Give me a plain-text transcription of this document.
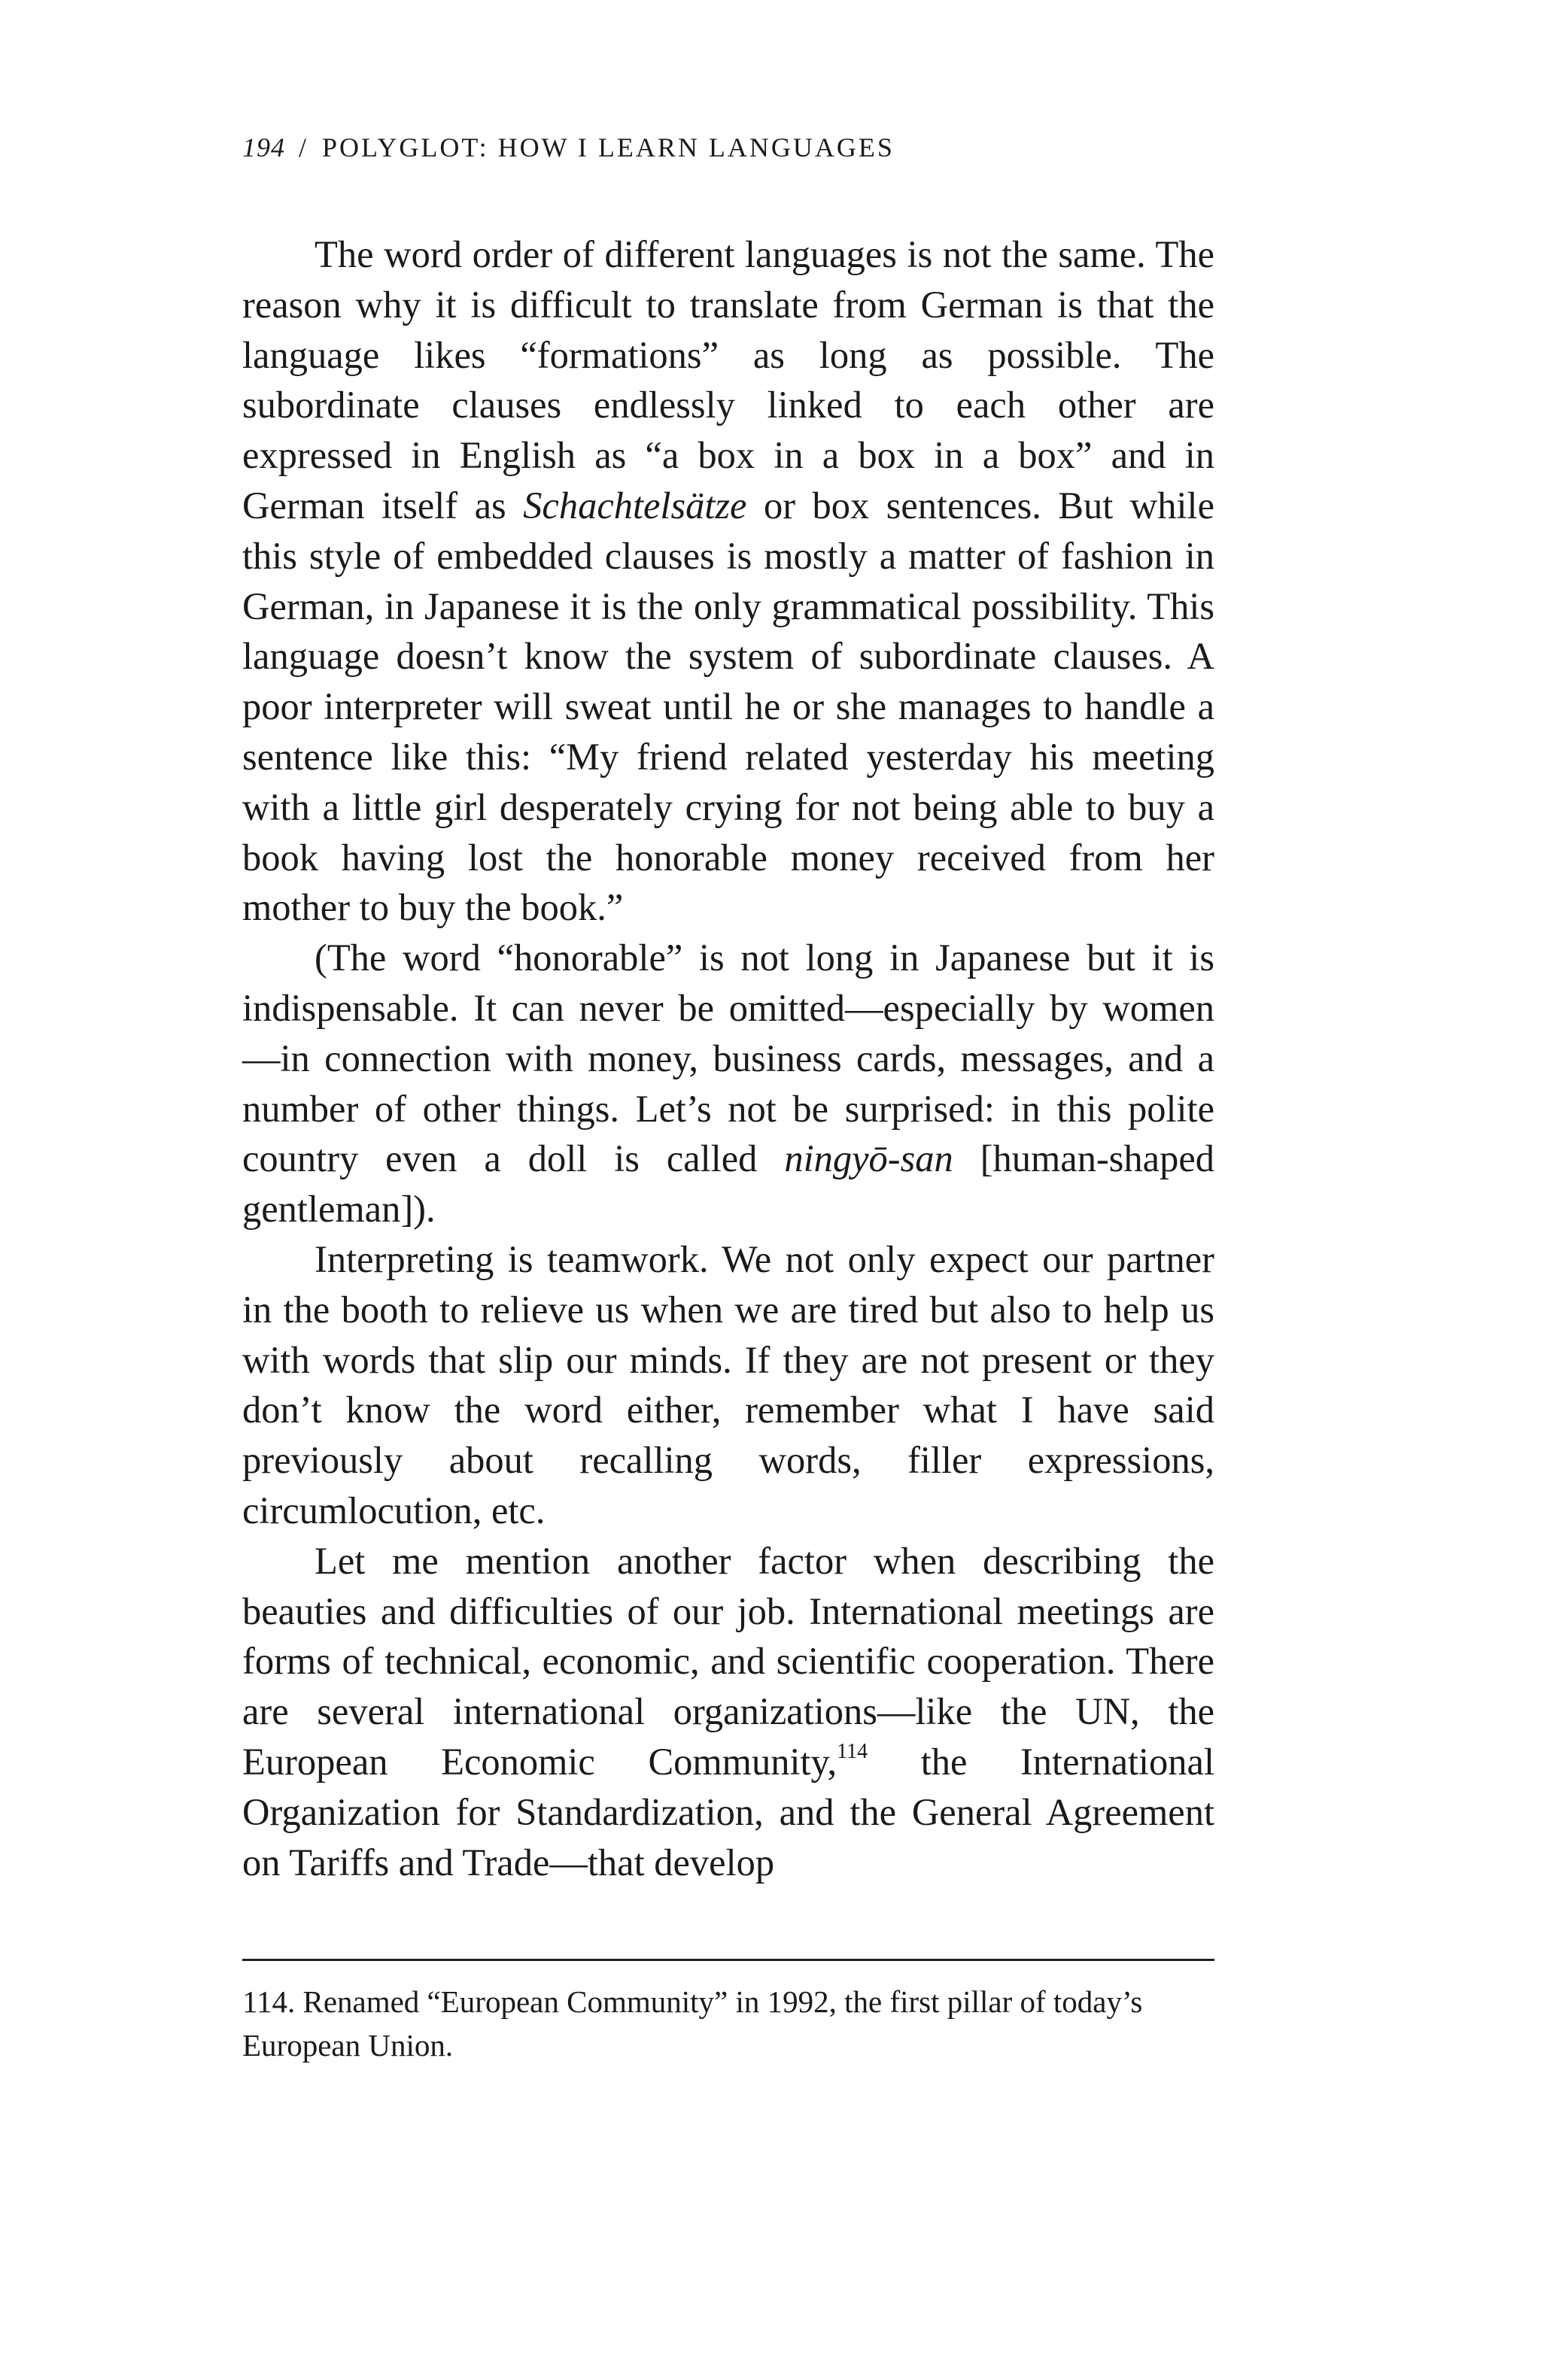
194 / POLYGLOT: HOW I LEARN LANGUAGES

The word order of different languages is not the same. The reason why it is difficult to translate from German is that the language likes “formations” as long as possible. The subordinate clauses endlessly linked to each other are expressed in English as “a box in a box in a box” and in German itself as Schachtelsätze or box sentences. But while this style of embedded clauses is mostly a matter of fashion in German, in Japanese it is the only grammatical possibility. This language doesn’t know the system of subordinate clauses. A poor interpreter will sweat until he or she manages to handle a sentence like this: “My friend related yesterday his meeting with a little girl desperately crying for not being able to buy a book having lost the honorable money received from her mother to buy the book.”

(The word “honorable” is not long in Japanese but it is indispensable. It can never be omitted—especially by women—in connection with money, business cards, messages, and a number of other things. Let’s not be surprised: in this polite country even a doll is called ningyō-san [human-shaped gentleman]).

Interpreting is teamwork. We not only expect our partner in the booth to relieve us when we are tired but also to help us with words that slip our minds. If they are not present or they don’t know the word either, remember what I have said previously about recalling words, filler expressions, circumlocution, etc.

Let me mention another factor when describing the beauties and difficulties of our job. International meetings are forms of technical, economic, and scientific cooperation. There are several international organizations—like the UN, the European Economic Community,$^{114}$ the International Organization for Standardization, and the General Agreement on Tariffs and Trade—that develop

114. Renamed “European Community” in 1992, the first pillar of today’s European Union.
